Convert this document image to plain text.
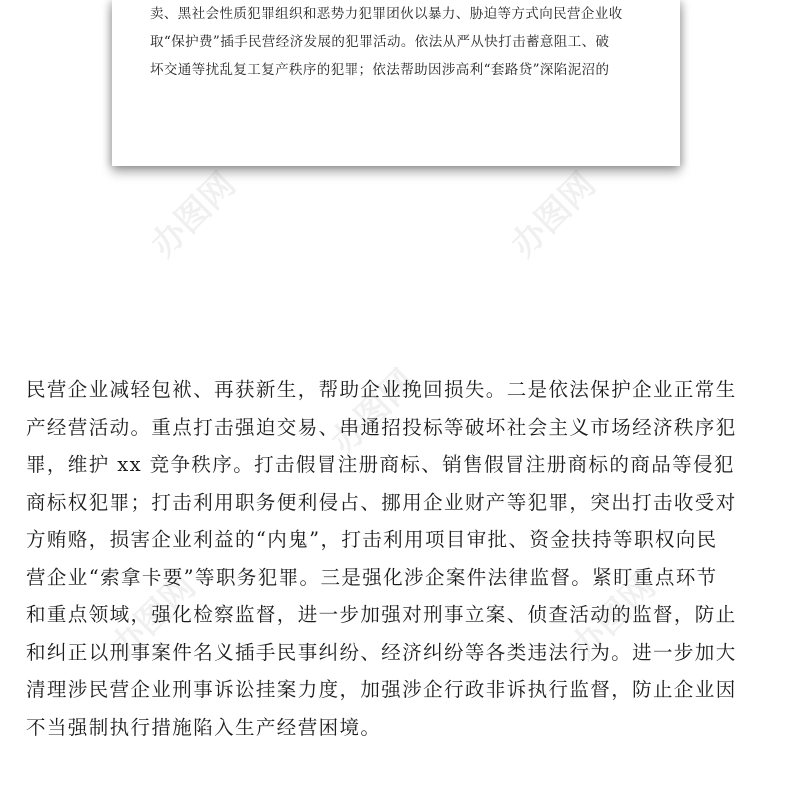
卖、黑社会性质犯罪组织和恶势力犯罪团伙以暴力、胁迫等方式向民营企业收
取“保护费”插手民营经济发展的犯罪活动。依法从严从快打击蓄意阻工、破
坏交通等扰乱复工复产秩序的犯罪；依法帮助因涉高利“套路贷”深陷泥沼的
办图网	办图网
办图网
办图网	办图网
民营企业减轻包袱、再获新生，帮助企业挽回损失。二是依法保护企业正常生
产经营活动。重点打击强迫交易、串通招投标等破坏社会主义市场经济秩序犯
罪，维护 xx 竞争秩序。打击假冒注册商标、销售假冒注册商标的商品等侵犯
商标权犯罪；打击利用职务便利侵占、挪用企业财产等犯罪，突出打击收受对
方贿赂，损害企业利益的“内鬼”，打击利用项目审批、资金扶持等职权向民
营企业“索拿卡要”等职务犯罪。三是强化涉企案件法律监督。紧盯重点环节
和重点领域，强化检察监督，进一步加强对刑事立案、侦查活动的监督，防止
和纠正以刑事案件名义插手民事纠纷、经济纠纷等各类违法行为。进一步加大
清理涉民营企业刑事诉讼挂案力度，加强涉企行政非诉执行监督，防止企业因
不当强制执行措施陷入生产经营困境。
